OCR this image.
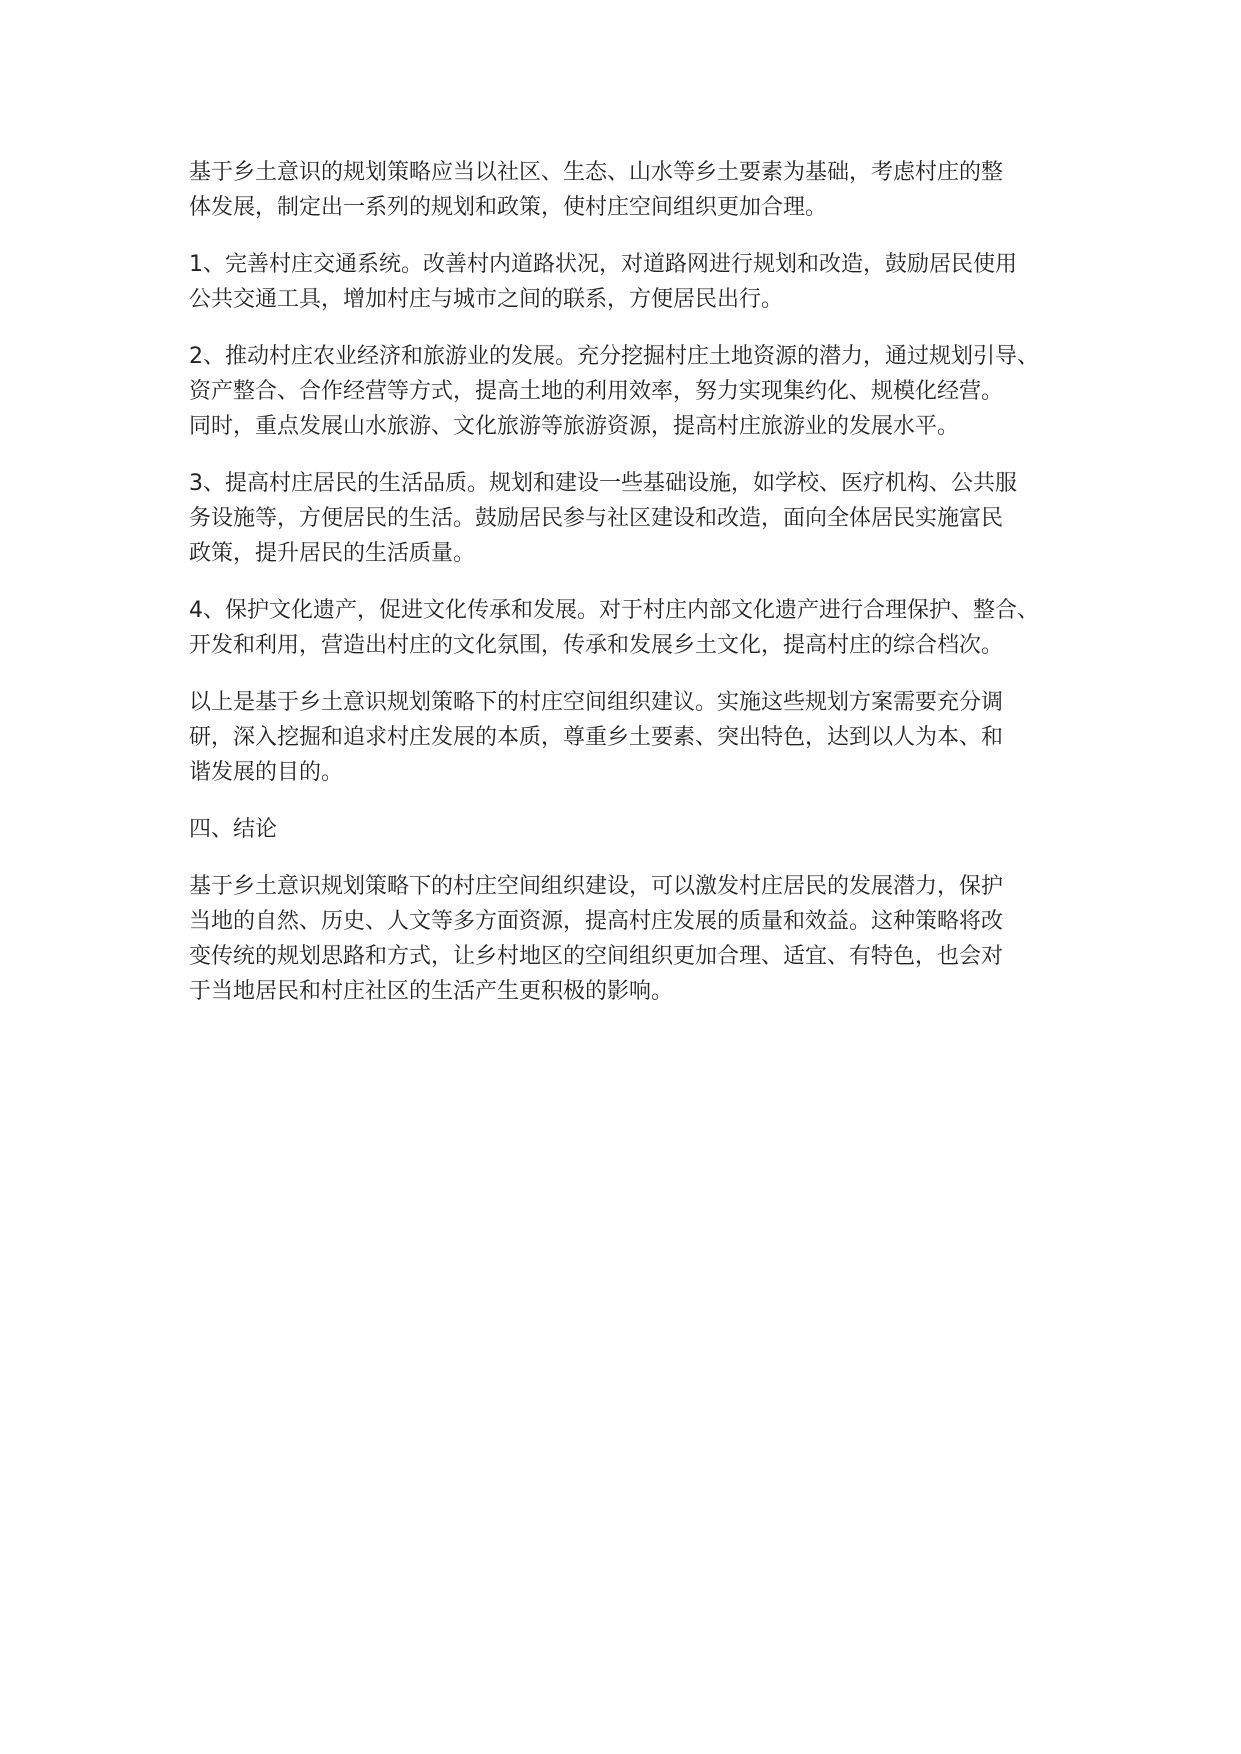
基于乡土意识的规划策略应当以社区、生态、山水等乡土要素为基础，考虑村庄的整
体发展，制定出一系列的规划和政策，使村庄空间组织更加合理。

1、完善村庄交通系统。改善村内道路状况，对道路网进行规划和改造，鼓励居民使用
公共交通工具，增加村庄与城市之间的联系，方便居民出行。

2、推动村庄农业经济和旅游业的发展。充分挖掘村庄土地资源的潜力，通过规划引导、
资产整合、合作经营等方式，提高土地的利用效率，努力实现集约化、规模化经营。
同时，重点发展山水旅游、文化旅游等旅游资源，提高村庄旅游业的发展水平。

3、提高村庄居民的生活品质。规划和建设一些基础设施，如学校、医疗机构、公共服
务设施等，方便居民的生活。鼓励居民参与社区建设和改造，面向全体居民实施富民
政策，提升居民的生活质量。

4、保护文化遗产，促进文化传承和发展。对于村庄内部文化遗产进行合理保护、整合、
开发和利用，营造出村庄的文化氛围，传承和发展乡土文化，提高村庄的综合档次。

以上是基于乡土意识规划策略下的村庄空间组织建议。实施这些规划方案需要充分调
研，深入挖掘和追求村庄发展的本质，尊重乡土要素、突出特色，达到以人为本、和
谐发展的目的。

四、结论

基于乡土意识规划策略下的村庄空间组织建设，可以激发村庄居民的发展潜力，保护
当地的自然、历史、人文等多方面资源，提高村庄发展的质量和效益。这种策略将改
变传统的规划思路和方式，让乡村地区的空间组织更加合理、适宜、有特色，也会对
于当地居民和村庄社区的生活产生更积极的影响。
